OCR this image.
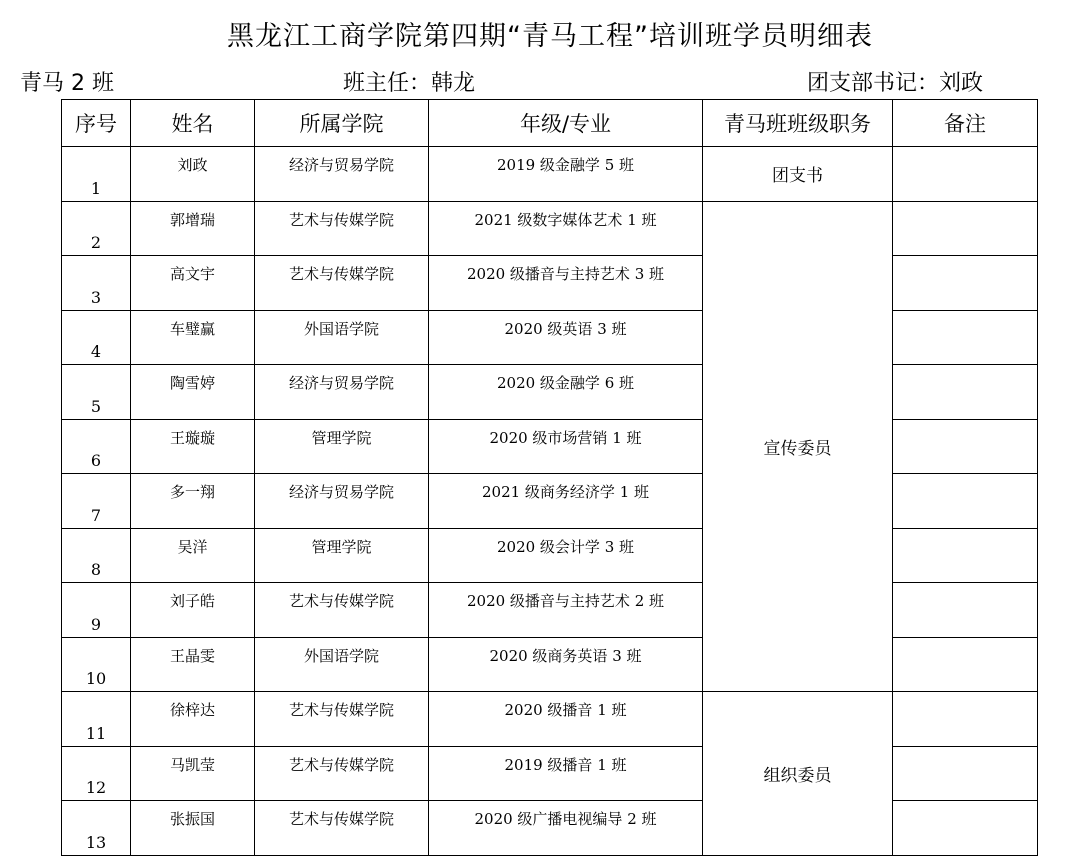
黑龙江工商学院第四期“青马工程”培训班学员明细表
青马 2 班	班主任：韩龙	团支部书记：刘政
序号	姓名	所属学院	年级/专业	青马班班级职务	备注
1	刘政	经济与贸易学院	2019 级金融学 5 班	团支书	
2	郭增瑞	艺术与传媒学院	2021 级数字媒体艺术 1 班	宣传委员	
3	高文宇	艺术与传媒学院	2020 级播音与主持艺术 3 班		
4	车璧赢	外国语学院	2020 级英语 3 班		
5	陶雪婷	经济与贸易学院	2020 级金融学 6 班		
6	王璇璇	管理学院	2020 级市场营销 1 班		
7	多一翔	经济与贸易学院	2021 级商务经济学 1 班		
8	吴洋	管理学院	2020 级会计学 3 班		
9	刘子皓	艺术与传媒学院	2020 级播音与主持艺术 2 班		
10	王晶雯	外国语学院	2020 级商务英语 3 班		
11	徐梓达	艺术与传媒学院	2020 级播音 1 班	组织委员	
12	马凯莹	艺术与传媒学院	2019 级播音 1 班		
13	张振国	艺术与传媒学院	2020 级广播电视编导 2 班		
